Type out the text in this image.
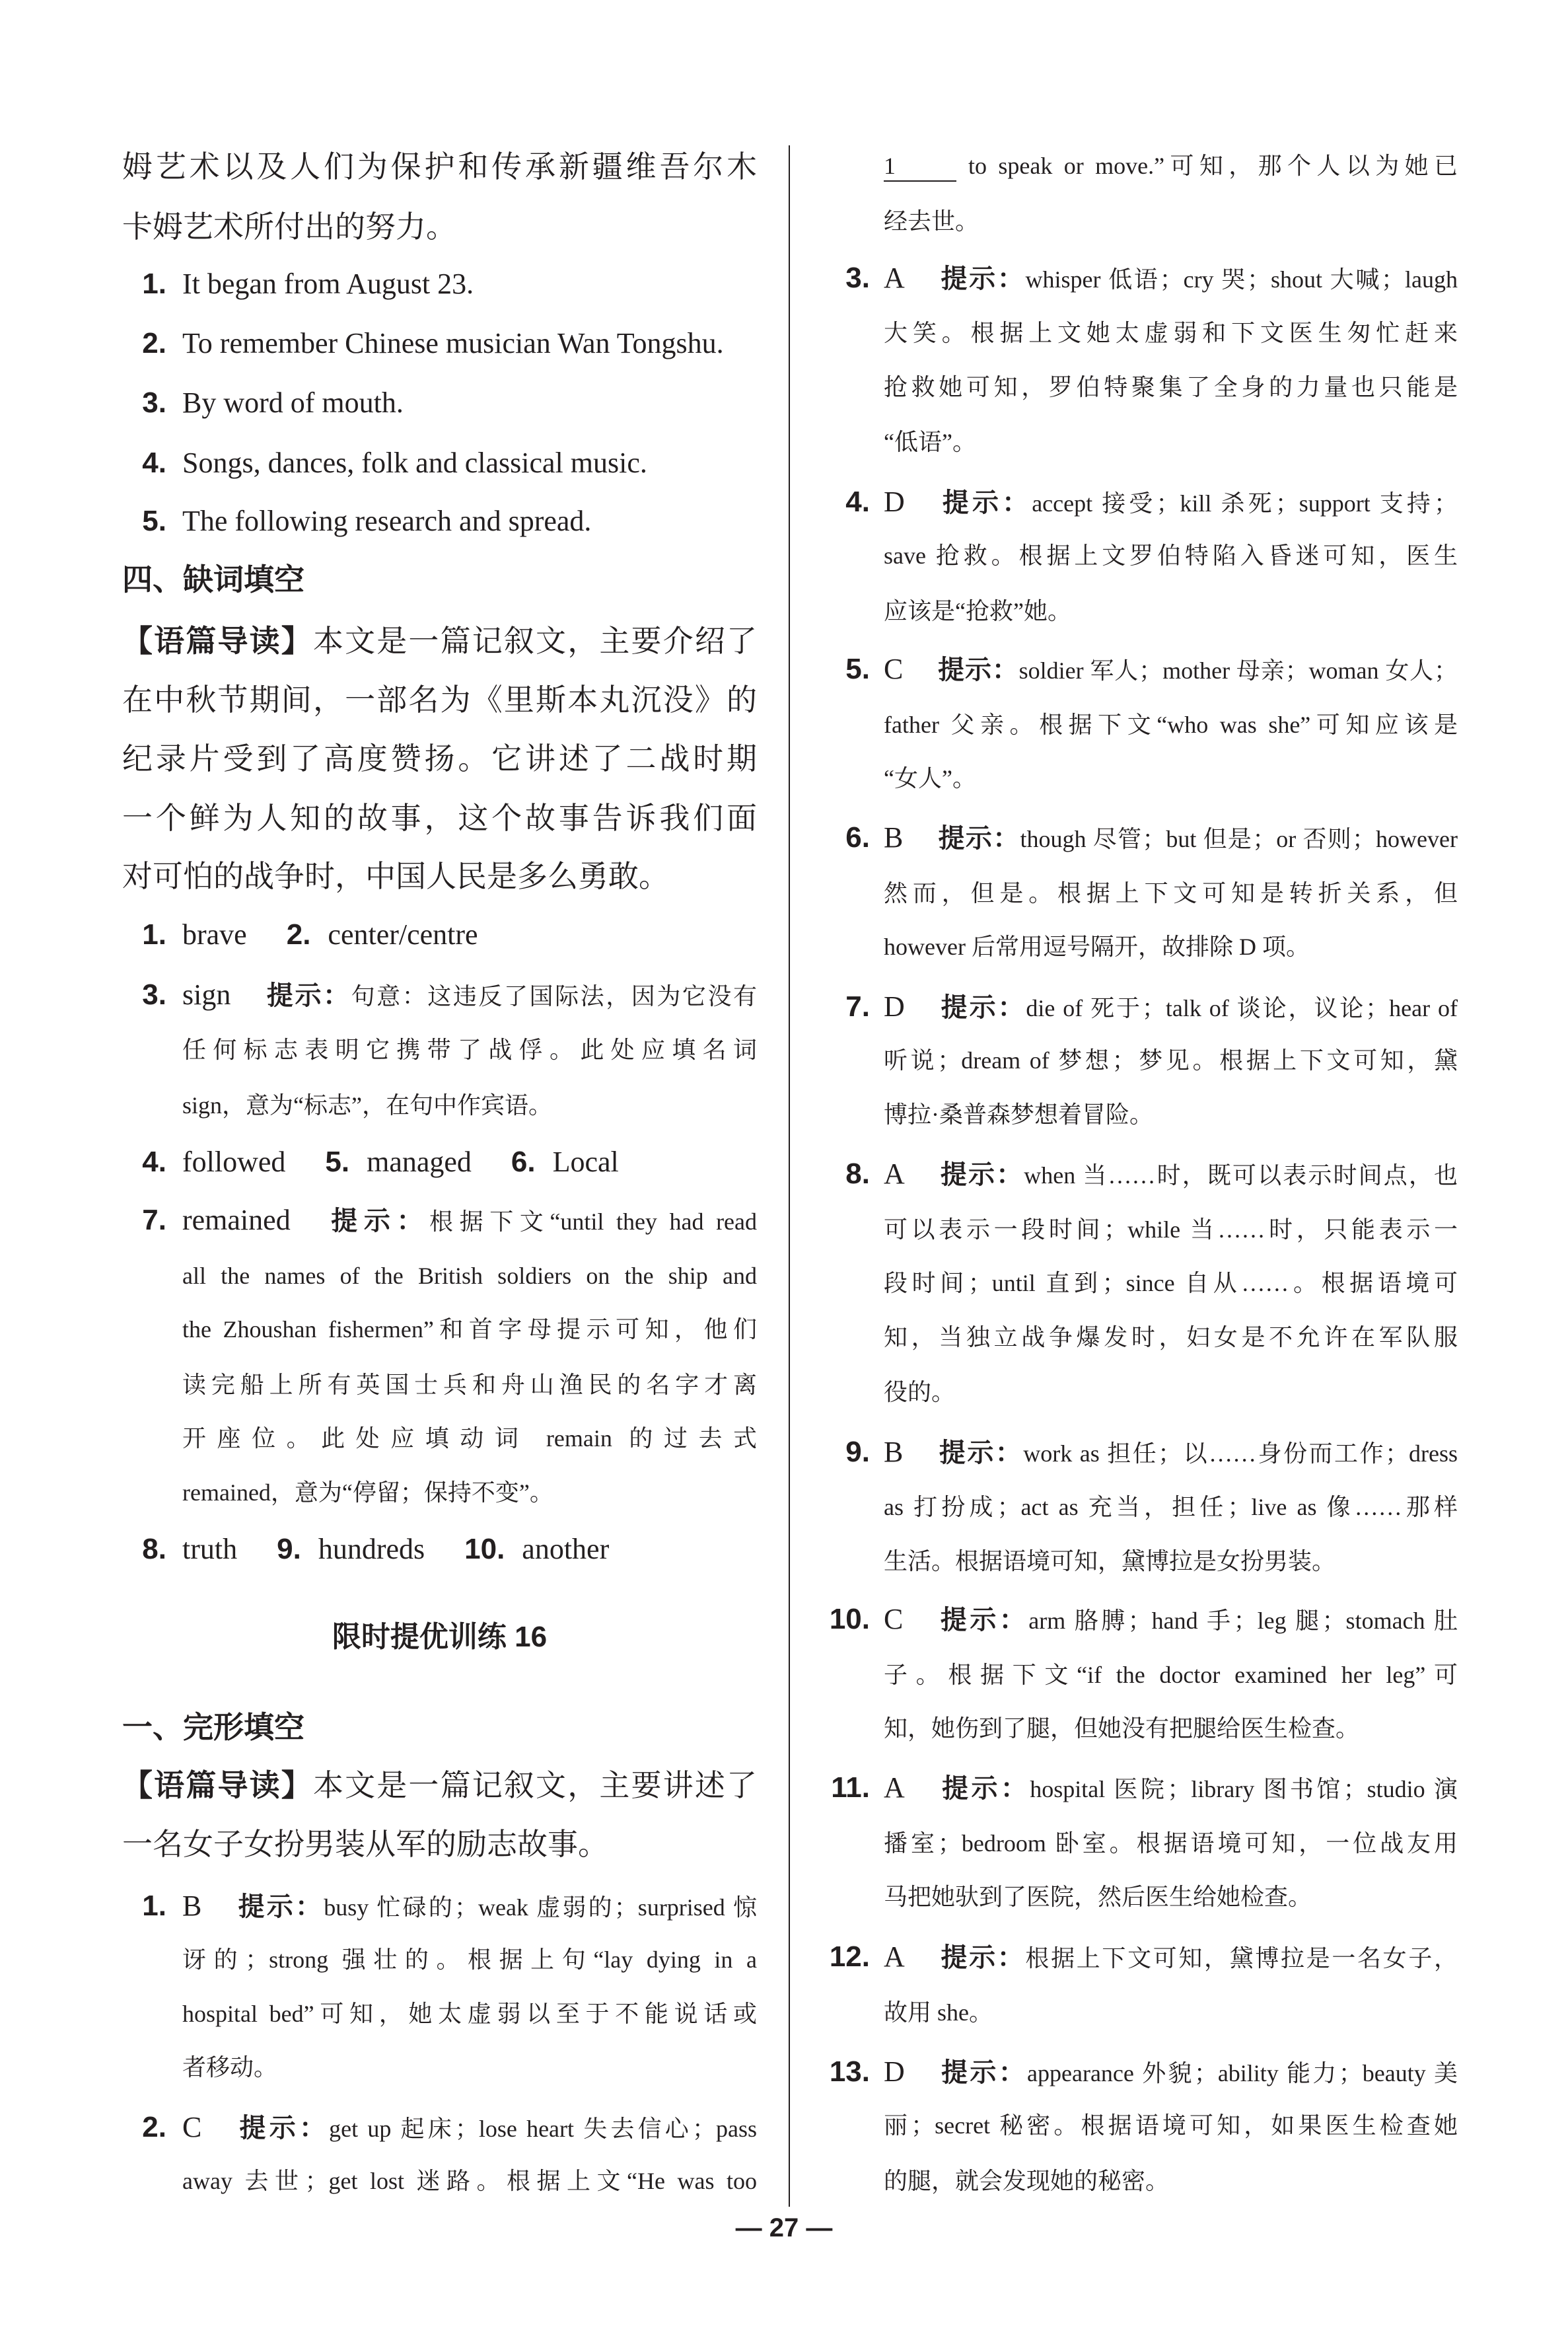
姆艺术以及人们为保护和传承新疆维吾尔木
卡姆艺术所付出的努力。
1. It began from August 23.
2. To remember Chinese musician Wan Tongshu.
3. By word of mouth.
4. Songs, dances, folk and classical music.
5. The following research and spread.
四、缺词填空
【语篇导读】本文是一篇记叙文，主要介绍了
在中秋节期间，一部名为《里斯本丸沉没》的
纪录片受到了高度赞扬。它讲述了二战时期
一个鲜为人知的故事，这个故事告诉我们面
对可怕的战争时，中国人民是多么勇敢。
1. brave 2. center/centre
3. sign 提示：句意：这违反了国际法，因为它没有
任何标志表明它携带了战俘。此处应填名词
sign，意为“标志”，在句中作宾语。
4. followed 5. managed 6. Local
7. remained 提示：根据下文“until they had read
all the names of the British soldiers on the ship and
the Zhoushan fishermen”和首字母提示可知，他们
读完船上所有英国士兵和舟山渔民的名字才离
开座位。此处应填动词 remain 的过去式
remained，意为“停留；保持不变”。
8. truth 9. hundreds 10. another
限时提优训练 16
一、完形填空
【语篇导读】本文是一篇记叙文，主要讲述了
一名女子女扮男装从军的励志故事。
1. B 提示：busy 忙碌的；weak 虚弱的；surprised 惊
讶的；strong 强壮的。根据上句“lay dying in a
hospital bed”可知，她太虚弱以至于不能说话或
者移动。
2. C 提示：get up 起床；lose heart 失去信心；pass
away 去世；get lost 迷路。根据上文“He was too
1	to speak or move.”可知，那个人以为她已
经去世。
3. A 提示：whisper 低语；cry 哭；shout 大喊；laugh
大笑。根据上文她太虚弱和下文医生匆忙赶来
抢救她可知，罗伯特聚集了全身的力量也只能是
“低语”。
4. D 提示：accept 接受；kill 杀死；support 支持；
save 抢救。根据上文罗伯特陷入昏迷可知，医生
应该是“抢救”她。
5. C 提示：soldier 军人；mother 母亲；woman 女人；
father 父亲。根据下文“who was she”可知应该是
“女人”。
6. B 提示：though 尽管；but 但是；or 否则；however
然而，但是。根据上下文可知是转折关系，但
however 后常用逗号隔开，故排除 D 项。
7. D 提示：die of 死于；talk of 谈论，议论；hear of
听说；dream of 梦想；梦见。根据上下文可知，黛
博拉·桑普森梦想着冒险。
8. A 提示：when 当……时，既可以表示时间点，也
可以表示一段时间；while 当……时，只能表示一
段时间；until 直到；since 自从……。根据语境可
知，当独立战争爆发时，妇女是不允许在军队服
役的。
9. B 提示：work as 担任；以……身份而工作；dress
as 打扮成；act as 充当，担任；live as 像……那样
生活。根据语境可知，黛博拉是女扮男装。
10. C 提示：arm 胳膊；hand 手；leg 腿；stomach 肚
子。根据下文“if the doctor examined her leg”可
知，她伤到了腿，但她没有把腿给医生检查。
11. A 提示：hospital 医院；library 图书馆；studio 演
播室；bedroom 卧室。根据语境可知，一位战友用
马把她驮到了医院，然后医生给她检查。
12. A 提示：根据上下文可知，黛博拉是一名女子，
故用 she。
13. D 提示：appearance 外貌；ability 能力；beauty 美
丽；secret 秘密。根据语境可知，如果医生检查她
的腿，就会发现她的秘密。
— 27 —
